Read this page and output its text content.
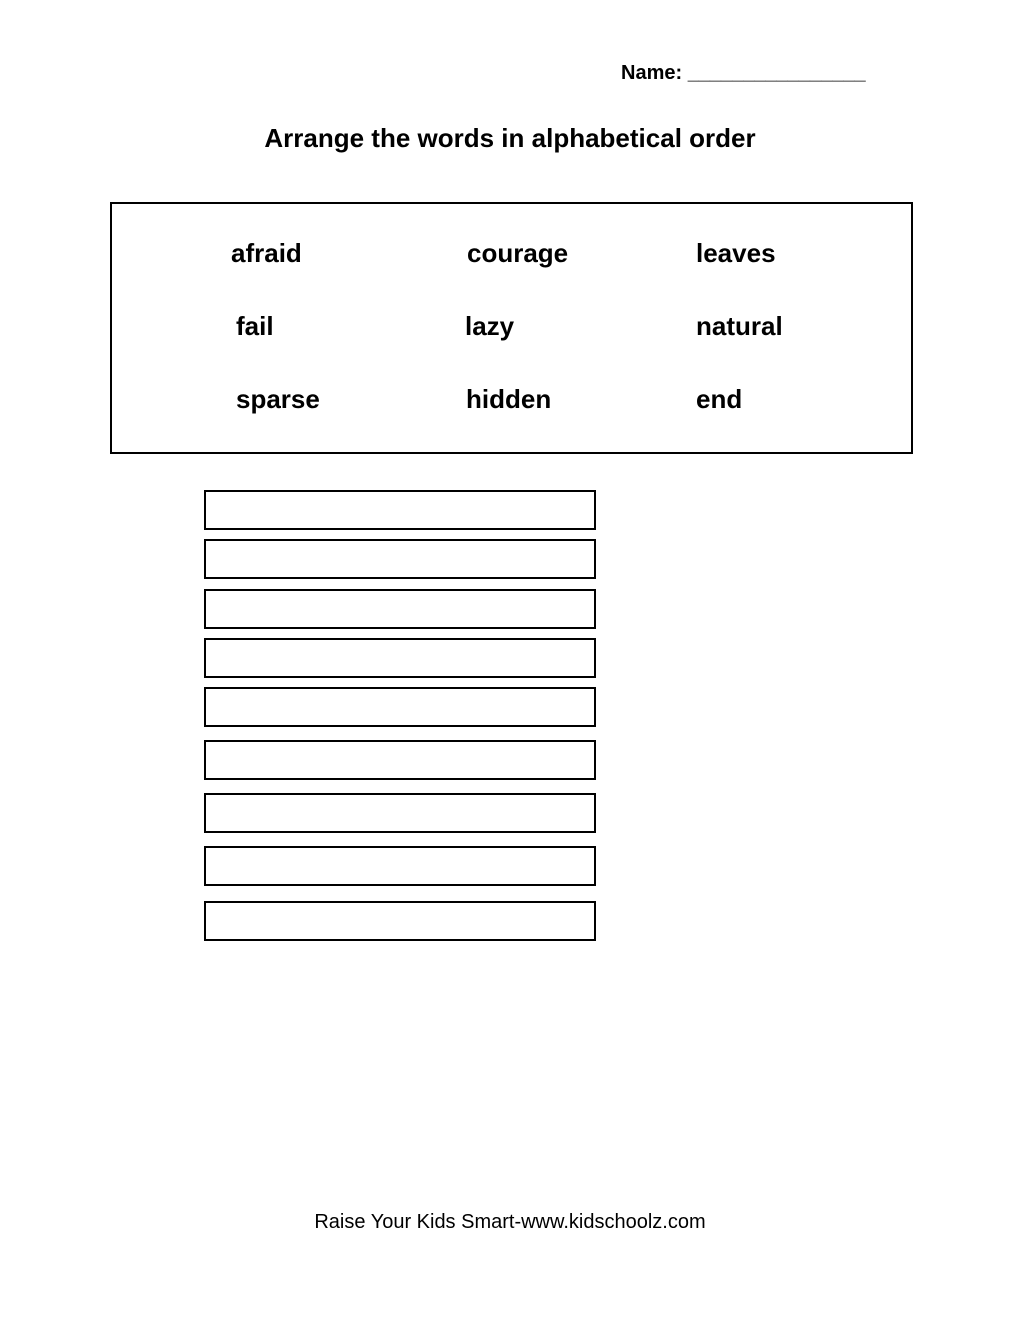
Name: ________________
Arrange the words in alphabetical order
afraid	courage	leaves
fail	lazy	natural
sparse	hidden	end
Raise Your Kids Smart-www.kidschoolz.com
